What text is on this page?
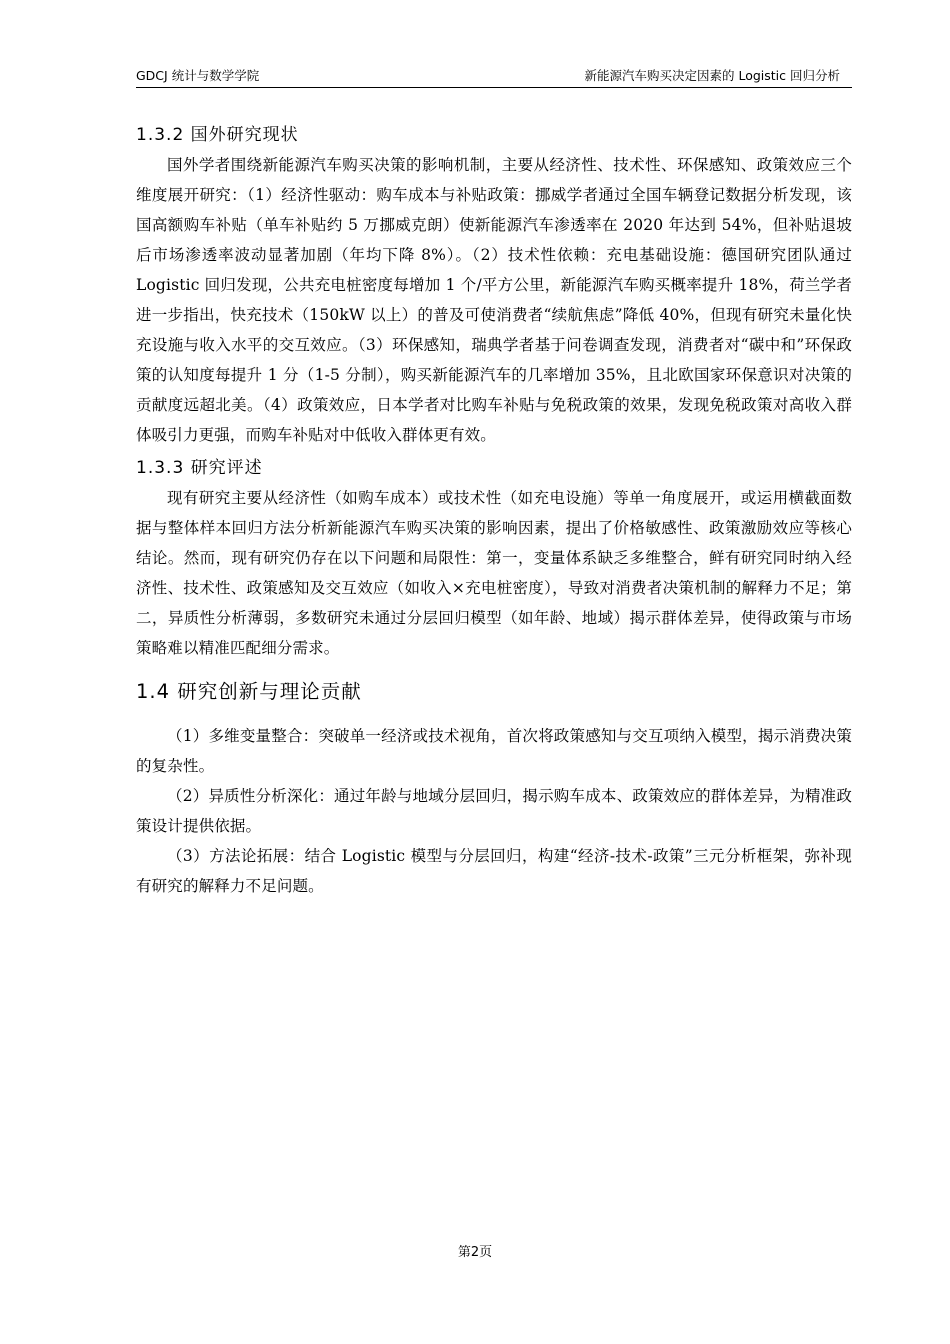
GDCJ 统计与数学学院	新能源汽车购买决定因素的 Logistic 回归分析
1.3.2 国外研究现状

国外学者围绕新能源汽车购买决策的影响机制，主要从经济性、技术性、环保感知、政策效应三个维度展开研究：（1）经济性驱动：购车成本与补贴政策：挪威学者通过全国车辆登记数据分析发现，该国高额购车补贴（单车补贴约 5 万挪威克朗）使新能源汽车渗透率在 2020 年达到 54%，但补贴退坡后市场渗透率波动显著加剧（年均下降 8%）。（2）技术性依赖：充电基础设施：德国研究团队通过 Logistic 回归发现，公共充电桩密度每增加 1 个/平方公里，新能源汽车购买概率提升 18%，荷兰学者进一步指出，快充技术（150kW 以上）的普及可使消费者“续航焦虑”降低 40%，但现有研究未量化快充设施与收入水平的交互效应。（3）环保感知，瑞典学者基于问卷调查发现，消费者对“碳中和”环保政策的认知度每提升 1 分（1-5 分制），购买新能源汽车的几率增加 35%，且北欧国家环保意识对决策的贡献度远超北美。（4）政策效应，日本学者对比购车补贴与免税政策的效果，发现免税政策对高收入群体吸引力更强，而购车补贴对中低收入群体更有效。

1.3.3 研究评述

现有研究主要从经济性（如购车成本）或技术性（如充电设施）等单一角度展开，或运用横截面数据与整体样本回归方法分析新能源汽车购买决策的影响因素，提出了价格敏感性、政策激励效应等核心结论。然而，现有研究仍存在以下问题和局限性：第一，变量体系缺乏多维整合，鲜有研究同时纳入经济性、技术性、政策感知及交互效应（如收入×充电桩密度），导致对消费者决策机制的解释力不足；第二，异质性分析薄弱，多数研究未通过分层回归模型（如年龄、地域）揭示群体差异，使得政策与市场策略难以精准匹配细分需求。

1.4 研究创新与理论贡献

（1）多维变量整合：突破单一经济或技术视角，首次将政策感知与交互项纳入模型，揭示消费决策的复杂性。

（2）异质性分析深化：通过年龄与地域分层回归，揭示购车成本、政策效应的群体差异，为精准政策设计提供依据。

（3）方法论拓展：结合 Logistic 模型与分层回归，构建“经济-技术-政策”三元分析框架，弥补现有研究的解释力不足问题。

第2页
